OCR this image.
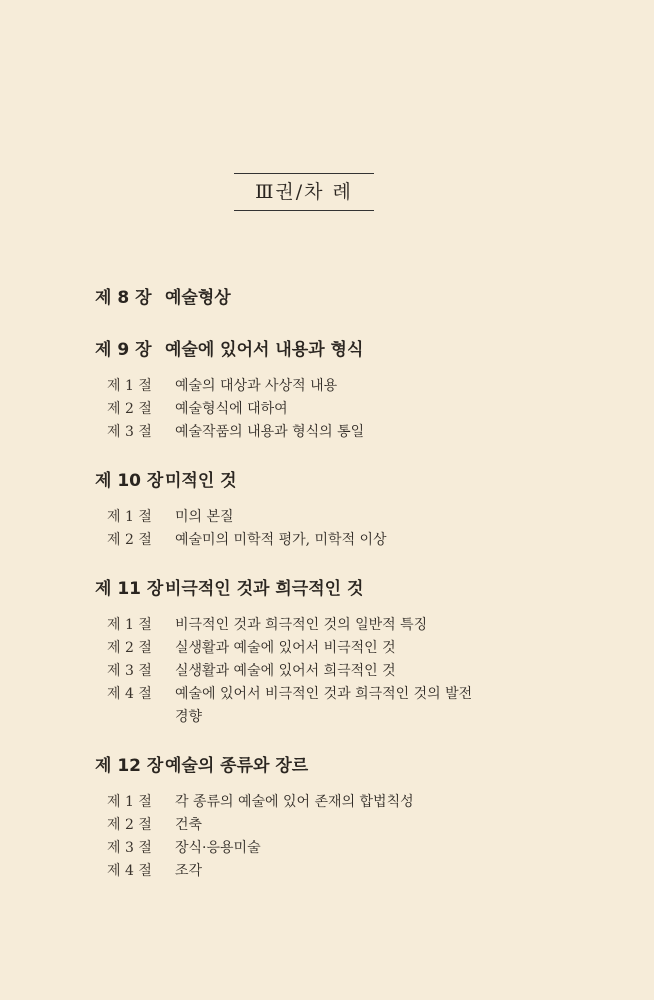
Ⅲ권/차 례
제 8 장 예술형상
제 9 장 예술에 있어서 내용과 형식
제 1 절 예술의 대상과 사상적 내용
제 2 절 예술형식에 대하여
제 3 절 예술작품의 내용과 형식의 통일
제 10 장미적인 것
제 1 절 미의 본질
제 2 절 예술미의 미학적 평가, 미학적 이상
제 11 장비극적인 것과 희극적인 것
제 1 절 비극적인 것과 희극적인 것의 일반적 특징
제 2 절 실생활과 예술에 있어서 비극적인 것
제 3 절 실생활과 예술에 있어서 희극적인 것
제 4 절 예술에 있어서 비극적인 것과 희극적인 것의 발전 경향
제 12 장예술의 종류와 장르
제 1 절 각 종류의 예술에 있어 존재의 합법칙성
제 2 절 건축
제 3 절 장식·응용미술
제 4 절 조각
